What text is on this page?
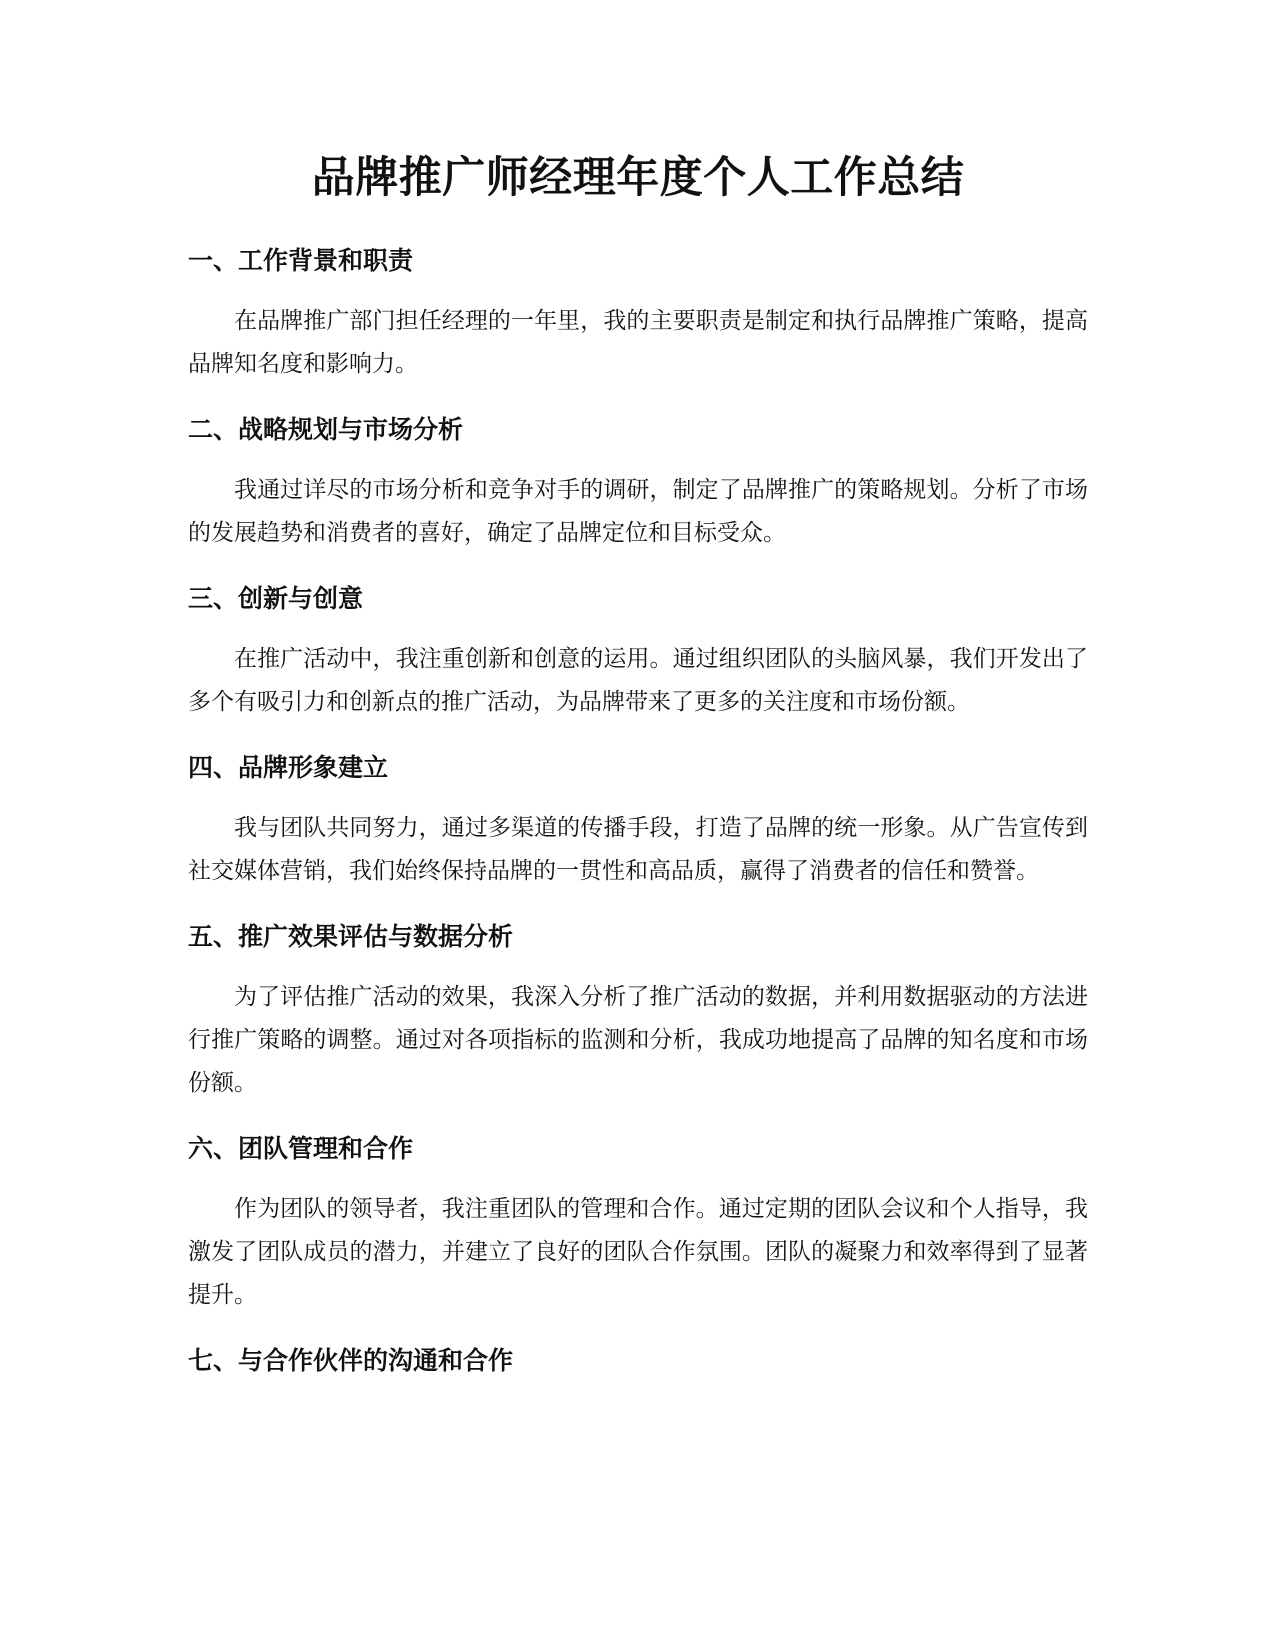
品牌推广师经理年度个人工作总结
一、工作背景和职责

在品牌推广部门担任经理的一年里，我的主要职责是制定和执行品牌推广策略，提高品牌知名度和影响力。

二、战略规划与市场分析

我通过详尽的市场分析和竞争对手的调研，制定了品牌推广的策略规划。分析了市场的发展趋势和消费者的喜好，确定了品牌定位和目标受众。

三、创新与创意

在推广活动中，我注重创新和创意的运用。通过组织团队的头脑风暴，我们开发出了多个有吸引力和创新点的推广活动，为品牌带来了更多的关注度和市场份额。

四、品牌形象建立

我与团队共同努力，通过多渠道的传播手段，打造了品牌的统一形象。从广告宣传到社交媒体营销，我们始终保持品牌的一贯性和高品质，赢得了消费者的信任和赞誉。

五、推广效果评估与数据分析

为了评估推广活动的效果，我深入分析了推广活动的数据，并利用数据驱动的方法进行推广策略的调整。通过对各项指标的监测和分析，我成功地提高了品牌的知名度和市场份额。

六、团队管理和合作

作为团队的领导者，我注重团队的管理和合作。通过定期的团队会议和个人指导，我激发了团队成员的潜力，并建立了良好的团队合作氛围。团队的凝聚力和效率得到了显著提升。

七、与合作伙伴的沟通和合作
